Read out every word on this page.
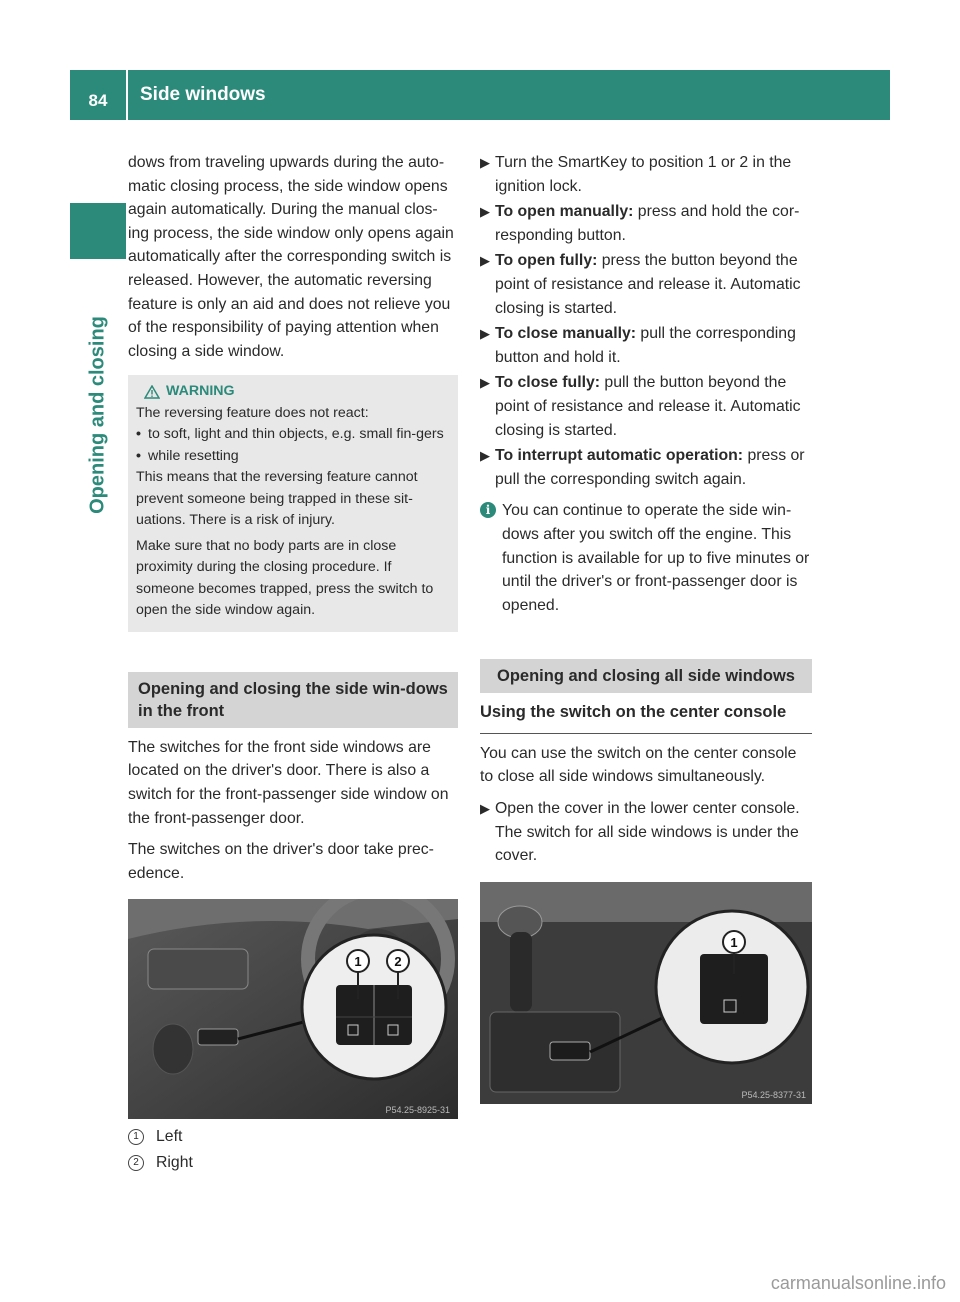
84	Side windows
Opening and closing

dows from traveling upwards during the auto-matic closing process, the side window opens again automatically. During the manual clos-ing process, the side window only opens again automatically after the corresponding switch is released. However, the automatic reversing feature is only an aid and does not relieve you of the responsibility of paying attention when closing a side window.

WARNING

The reversing feature does not react:

• to soft, light and thin objects, e.g. small fin-gers
• while resetting

This means that the reversing feature cannot prevent someone being trapped in these sit-uations. There is a risk of injury.

Make sure that no body parts are in close proximity during the closing procedure. If someone becomes trapped, press the switch to open the side window again.

Opening and closing the side win-dows in the front

The switches for the front side windows are located on the driver's door. There is also a switch for the front-passenger side window on the front-passenger door.

The switches on the driver's door take prec-edence.

1	2
P54.25-8925-31
1	Left
2	Right
▶ Turn the SmartKey to position 1 or 2 in the ignition lock.
▶ To open manually: press and hold the cor-responding button.
▶ To open fully: press the button beyond the point of resistance and release it. Automatic closing is started.
▶ To close manually: pull the corresponding button and hold it.
▶ To close fully: pull the button beyond the point of resistance and release it. Automatic closing is started.
▶ To interrupt automatic operation: press or pull the corresponding switch again.
i You can continue to operate the side win-dows after you switch off the engine. This function is available for up to five minutes or until the driver's or front-passenger door is opened.
Opening and closing all side windows
Using the switch on the center console

You can use the switch on the center console to close all side windows simultaneously.

▶ Open the cover in the lower center console. The switch for all side windows is under the cover.
1
P54.25-8377-31
carmanualsonline.info
